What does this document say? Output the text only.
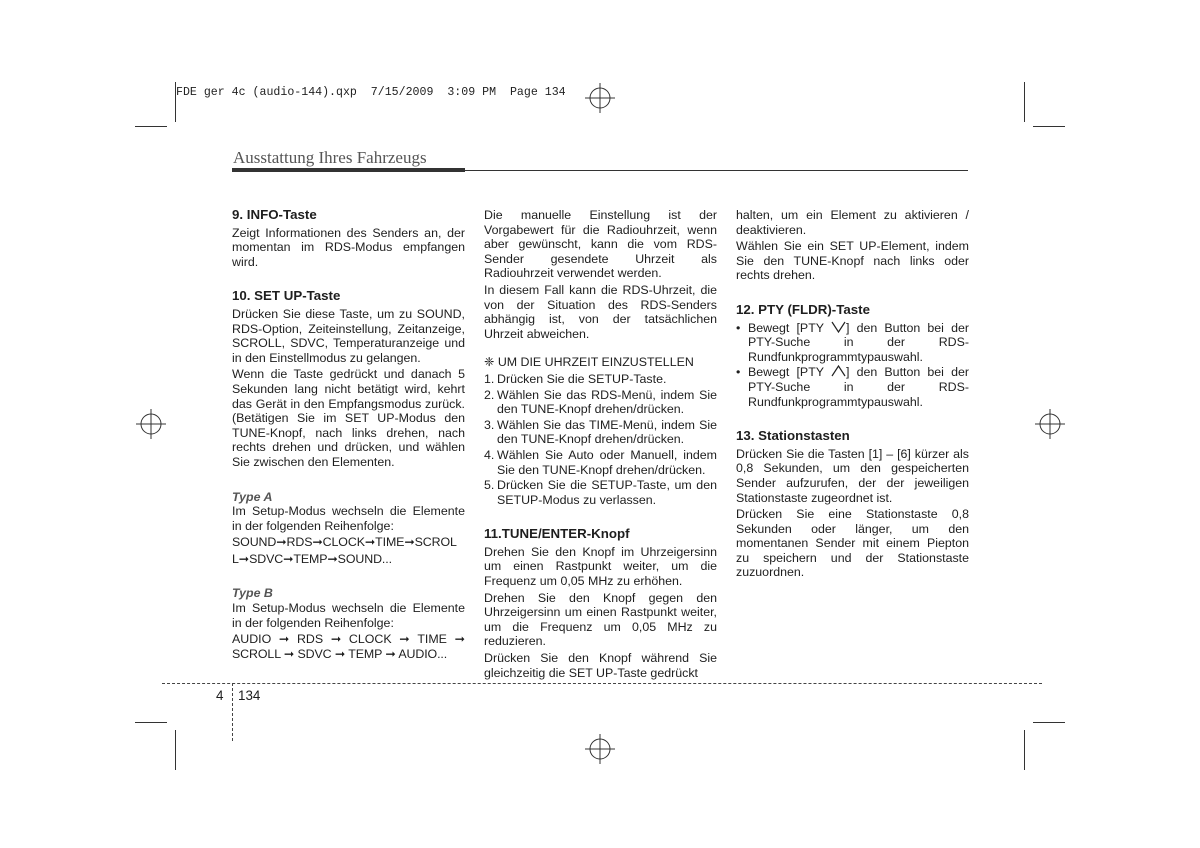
FDE ger 4c (audio-144).qxp  7/15/2009  3:09 PM  Page 134
Ausstattung Ihres Fahrzeugs
9. INFO-Taste

Zeigt Informationen des Senders an, der momentan im RDS-Modus empfangen wird.

10. SET UP-Taste

Drücken Sie diese Taste, um zu SOUND, RDS-Option, Zeiteinstellung, Zeitanzeige, SCROLL, SDVC, Temperaturanzeige und in den Einstellmodus zu gelangen.

Wenn die Taste gedrückt und danach 5 Sekunden lang nicht betätigt wird, kehrt das Gerät in den Empfangsmodus zurück. (Betätigen Sie im SET UP-Modus den TUNE-Knopf, nach links drehen, nach rechts drehen und drücken, und wählen Sie zwischen den Elementen.

Type A

Im Setup-Modus wechseln die Elemente in der folgenden Reihenfolge:

SOUND➞RDS➞CLOCK➞TIME➞SCROL

L➞SDVC➞TEMP➞SOUND...

Type B

Im Setup-Modus wechseln die Elemente in der folgenden Reihenfolge:

AUDIO ➞ RDS ➞ CLOCK ➞ TIME ➞

SCROLL ➞ SDVC ➞ TEMP ➞ AUDIO...

Die manuelle Einstellung ist der Vorgabewert für die Radiouhrzeit, wenn aber gewünscht, kann die vom RDS-Sender gesendete Uhrzeit als Radiouhrzeit verwendet werden.

In diesem Fall kann die RDS-Uhrzeit, die von der Situation des RDS-Senders abhängig ist, von der tatsächlichen Uhrzeit abweichen.

❈ UM DIE UHRZEIT EINZUSTELLEN

1. Drücken Sie die SETUP-Taste.
2. Wählen Sie das RDS-Menü, indem Sie den TUNE-Knopf drehen/drücken.
3. Wählen Sie das TIME-Menü, indem Sie den TUNE-Knopf drehen/drücken.
4. Wählen Sie Auto oder Manuell, indem Sie den TUNE-Knopf drehen/drücken.
5. Drücken Sie die SETUP-Taste, um den SETUP-Modus zu verlassen.
11.TUNE/ENTER-Knopf

Drehen Sie den Knopf im Uhrzeigersinn um einen Rastpunkt weiter, um die Frequenz um 0,05 MHz zu erhöhen.

Drehen Sie den Knopf gegen den Uhrzeigersinn um einen Rastpunkt weiter, um die Frequenz um 0,05 MHz zu reduzieren.

Drücken Sie den Knopf während Sie gleichzeitig die SET UP-Taste gedrückt

halten, um ein Element zu aktivieren / deaktivieren.

Wählen Sie ein SET UP-Element, indem Sie den TUNE-Knopf nach links oder rechts drehen.

12. PTY (FLDR)-Taste
• Bewegt [PTY ] den Button bei der PTY-Suche in der RDS-Rundfunkprogrammtypauswahl.
• Bewegt [PTY ] den Button bei der PTY-Suche in der RDS-Rundfunkprogrammtypauswahl.
13. Stationstasten

Drücken Sie die Tasten [1] – [6] kürzer als 0,8 Sekunden, um den gespeicherten Sender aufzurufen, der der jeweiligen Stationstaste zugeordnet ist.

Drücken Sie eine Stationstaste 0,8 Sekunden oder länger, um den momentanen Sender mit einem Piepton zu speichern und der Stationstaste zuzuordnen.

4 134
